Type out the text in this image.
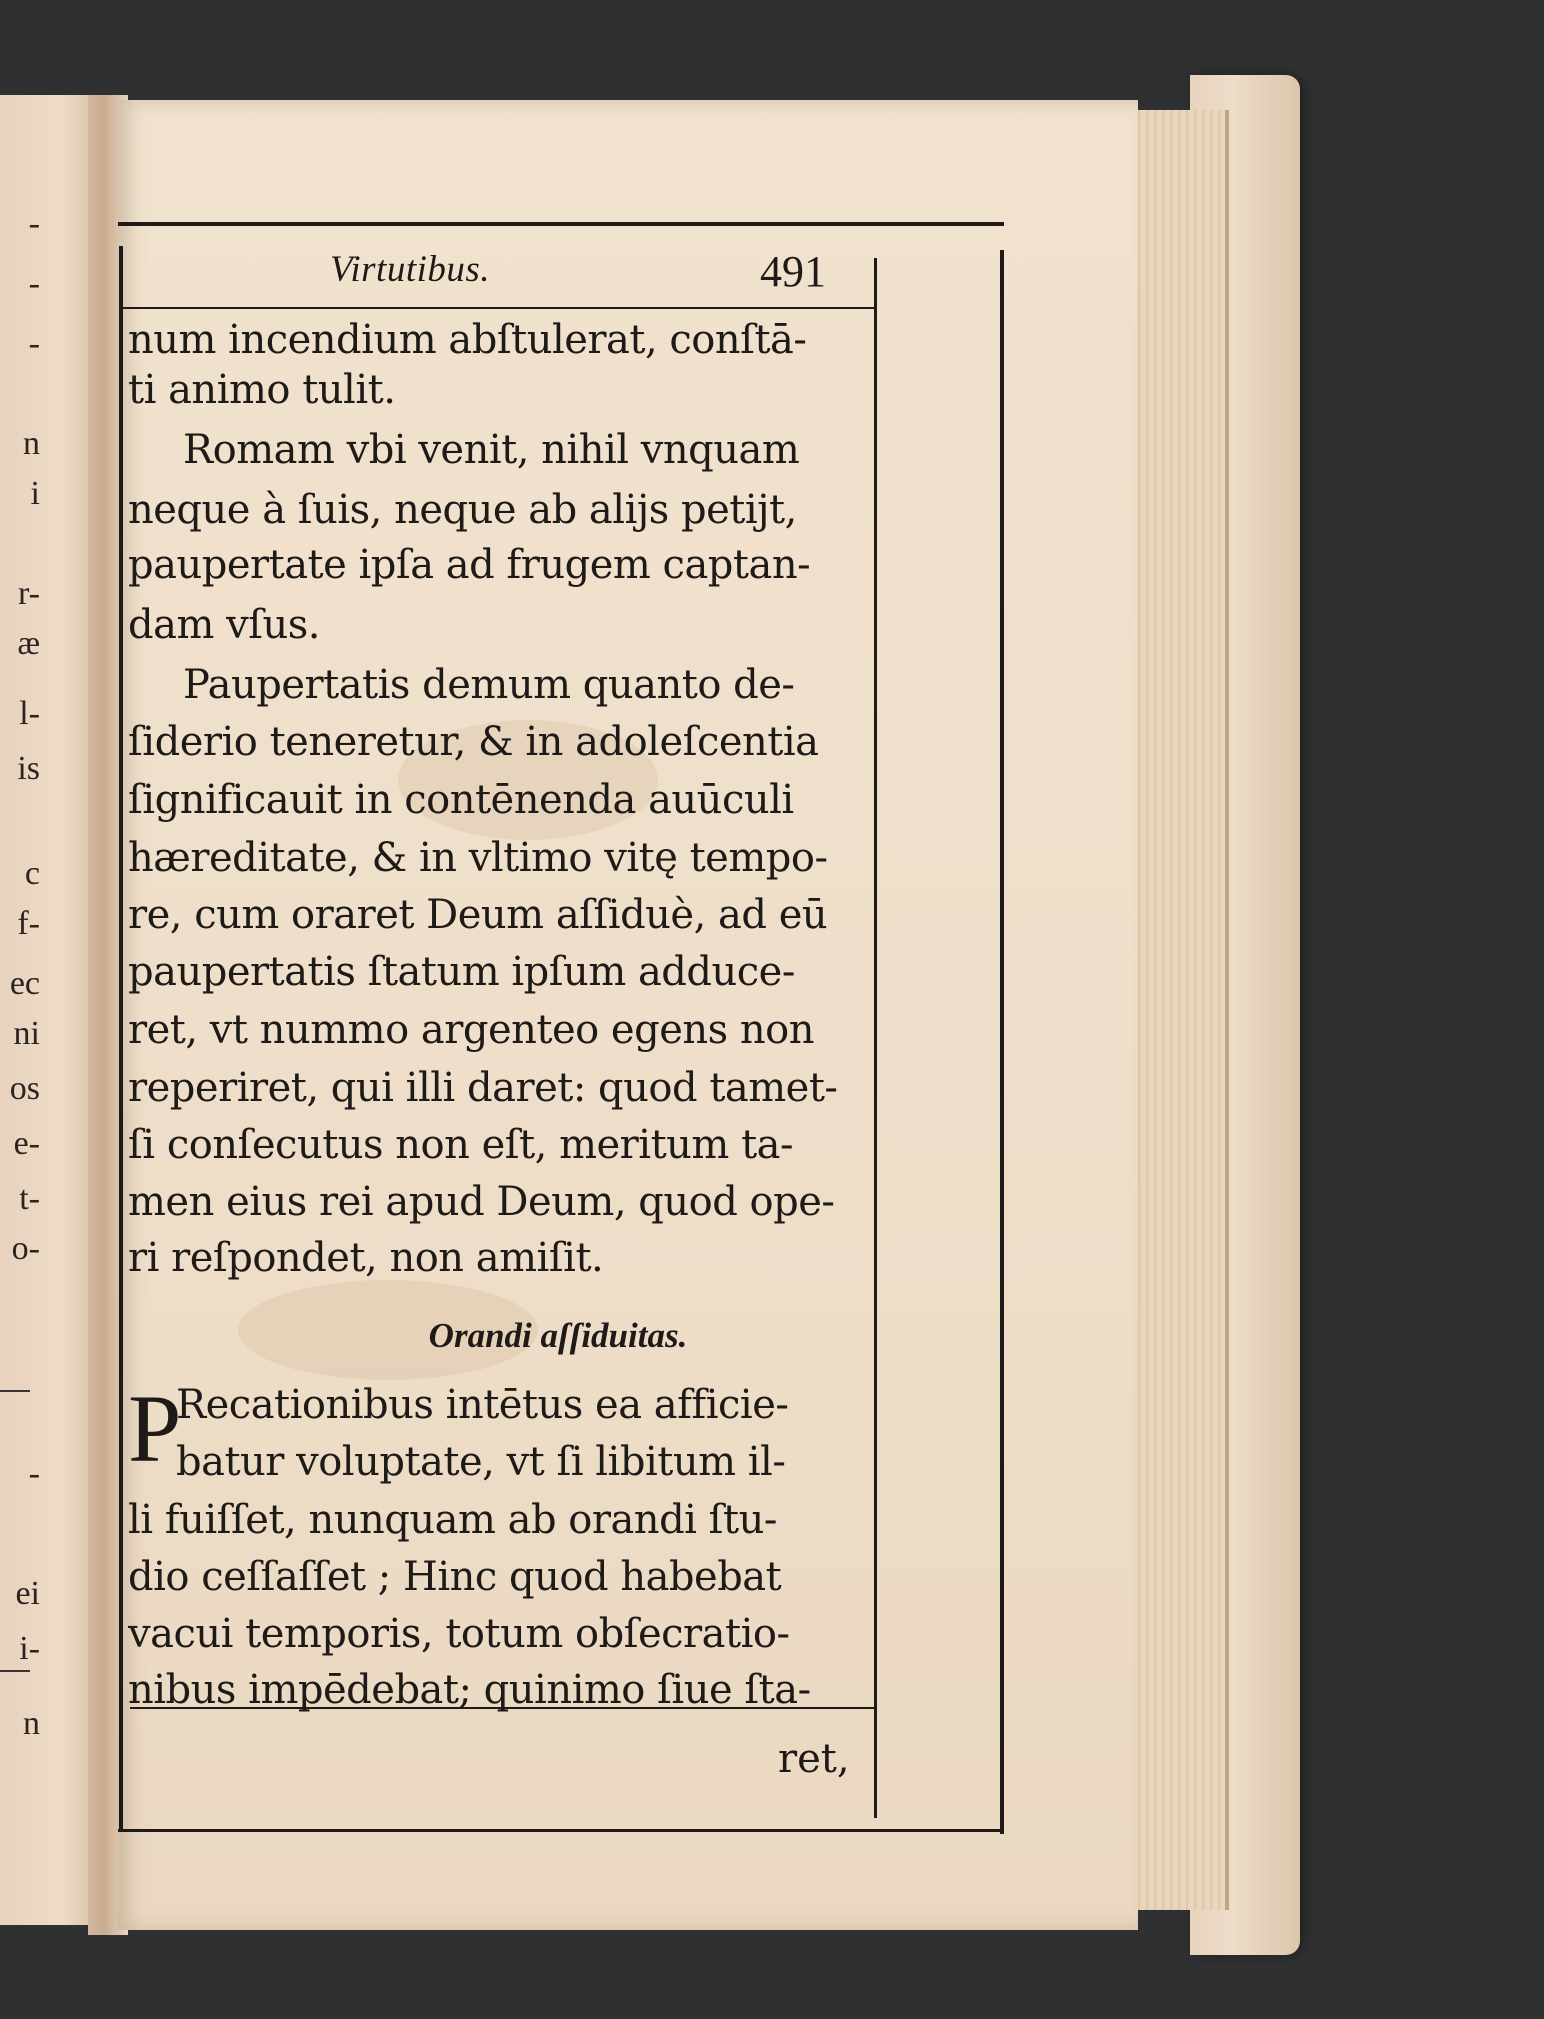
-
-
-
n
i
r-
æ
l-
is
c
f-
ec
ni
os
e-
t-
o-
-
ei
i-
n
Virtutibus.	491
num incendium abſtulerat, conſtā-
ti animo tulit.
Romam vbi venit, nihil vnquam
neque à ſuis, neque ab alijs petijt,
paupertate ipſa ad frugem captan-
dam vſus.
Paupertatis demum quanto de-
ſiderio teneretur, & in adoleſcentia
ſignificauit in contēnenda auūculi
hæreditate, & in vltimo vitę tempo-
re, cum oraret Deum aſſiduè, ad eū
paupertatis ſtatum ipſum adduce-
ret, vt nummo argenteo egens non
reperiret, qui illi daret: quod tamet-
ſi conſecutus non eſt, meritum ta-
men eius rei apud Deum, quod ope-
ri reſpondet, non amiſit.
Orandi aſſiduitas.
P
Recationibus intētus ea afficie-
batur voluptate, vt ſi libitum il-
li fuiſſet, nunquam ab orandi ſtu-
dio ceſſaſſet ; Hinc quod habebat
vacui temporis, totum obſecratio-
nibus impēdebat; quinimo ſiue ſta-
ret,
